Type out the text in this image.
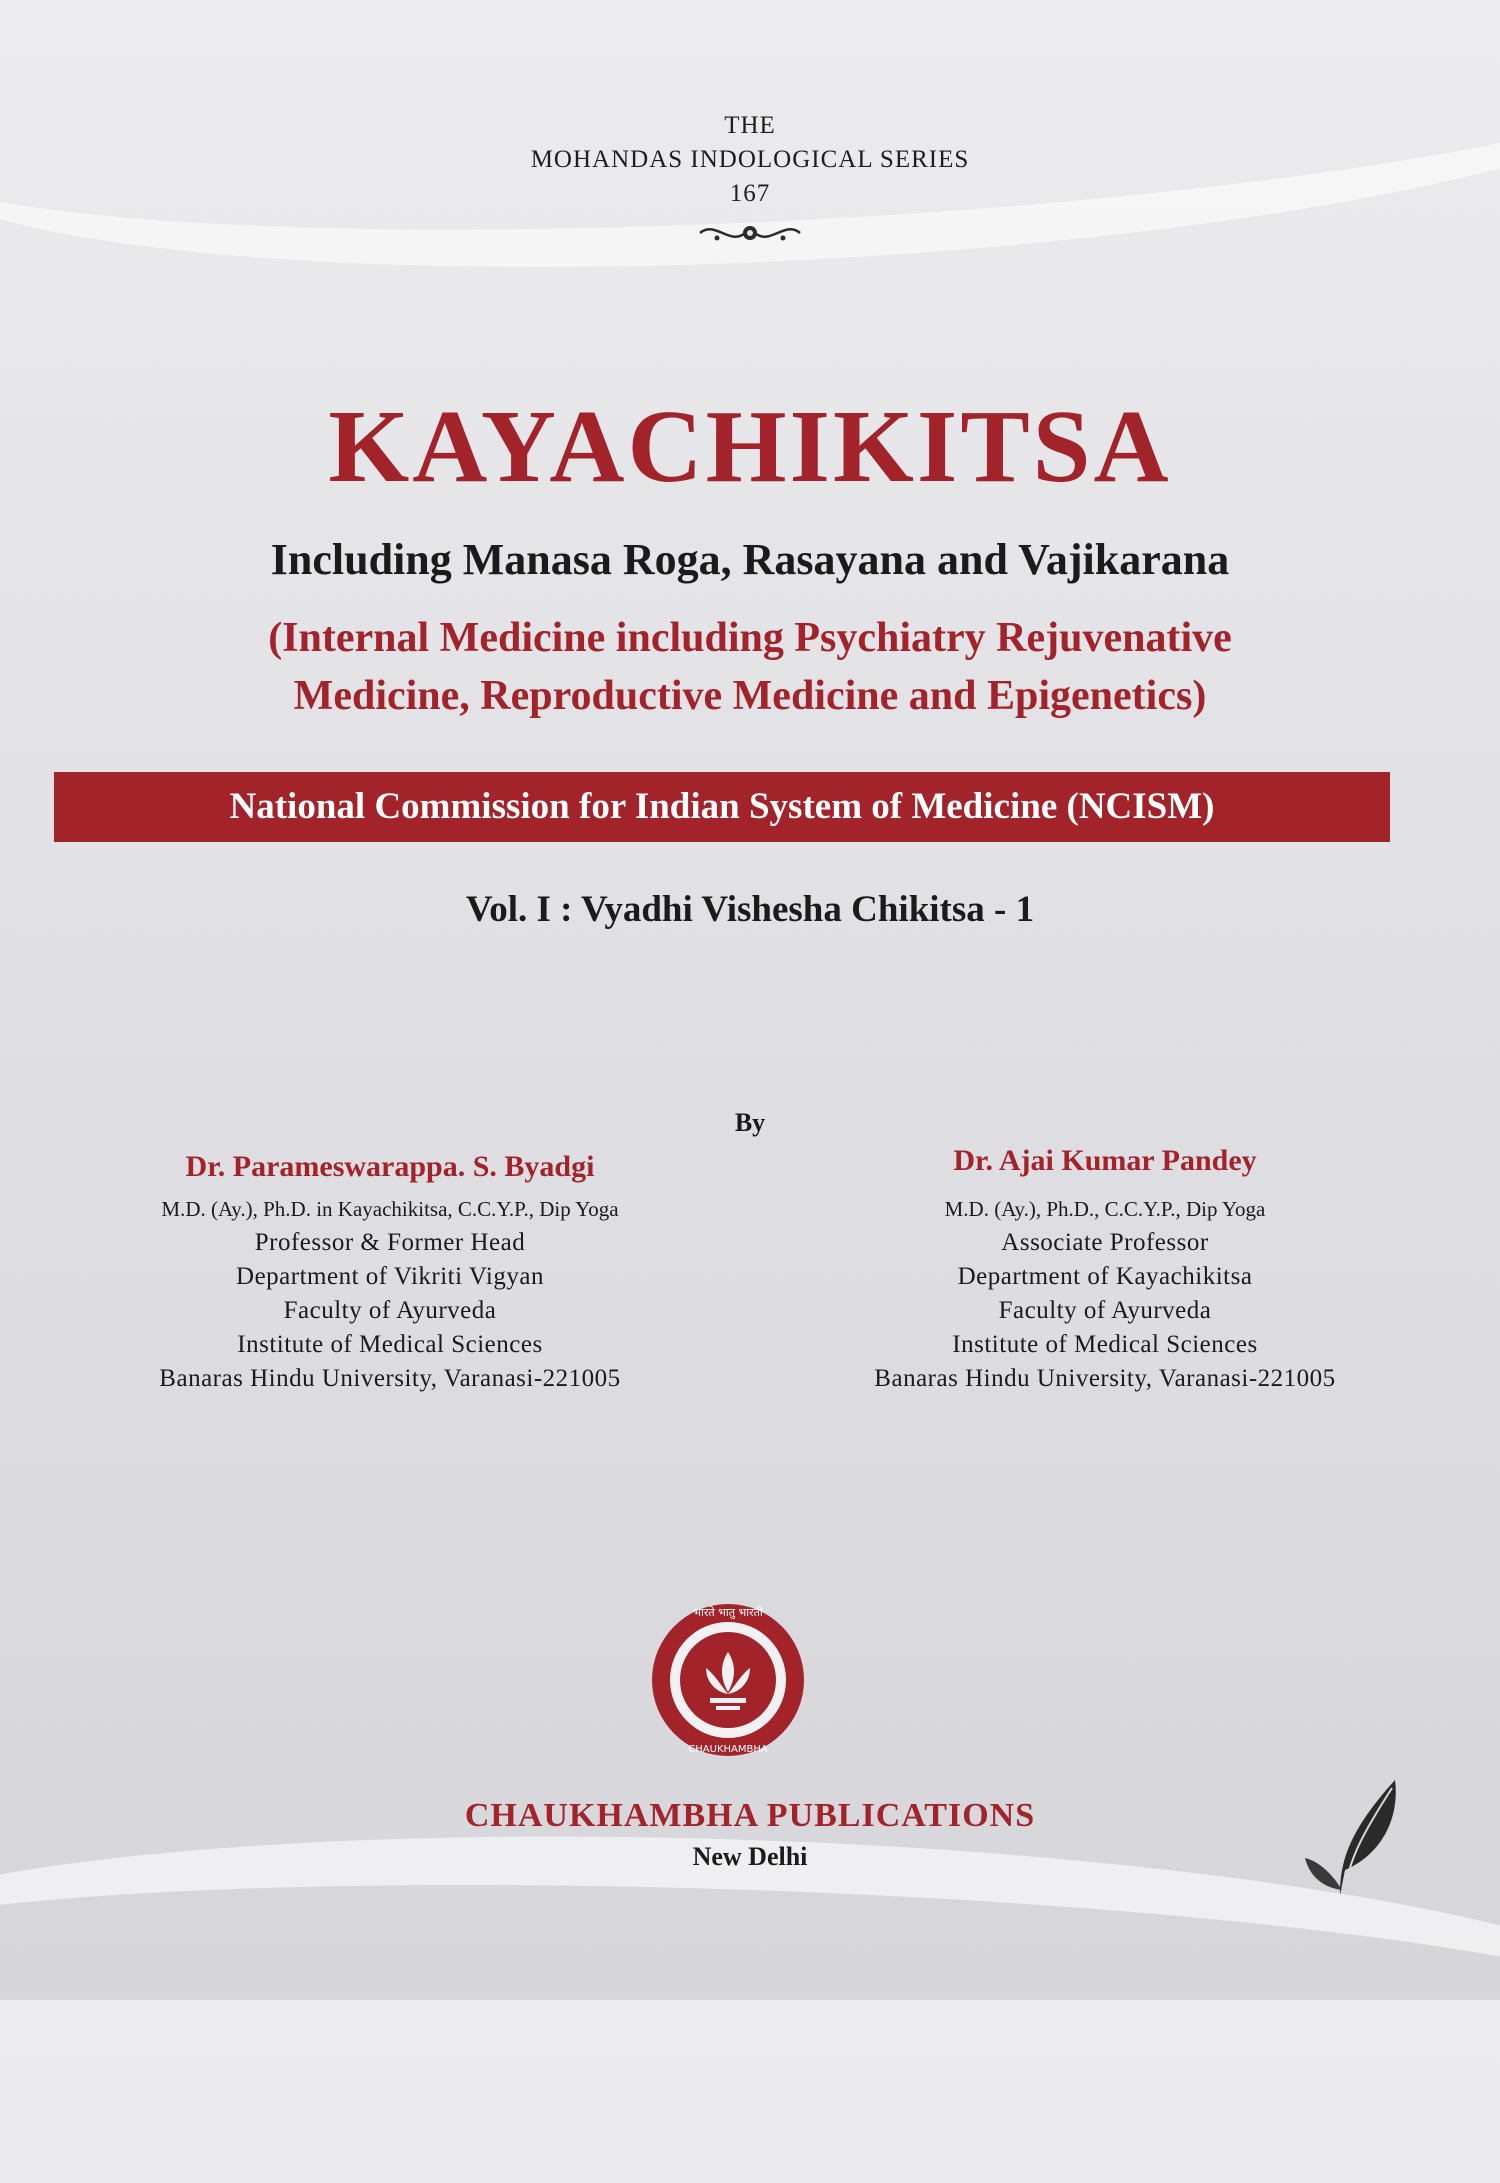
THE
MOHANDAS INDOLOGICAL SERIES
167
KAYACHIKITSA
Including Manasa Roga, Rasayana and Vajikarana
(Internal Medicine including Psychiatry Rejuvenative
Medicine, Reproductive Medicine and Epigenetics)
National Commission for Indian System of Medicine (NCISM)
Vol. I : Vyadhi Vishesha Chikitsa - 1
By
Dr. Parameswarappa. S. Byadgi
M.D. (Ay.), Ph.D. in Kayachikitsa, C.C.Y.P., Dip Yoga
Professor & Former Head
Department of Vikriti Vigyan
Faculty of Ayurveda
Institute of Medical Sciences
Banaras Hindu University, Varanasi-221005
Dr. Ajai Kumar Pandey
M.D. (Ay.), Ph.D., C.C.Y.P., Dip Yoga
Associate Professor
Department of Kayachikitsa
Faculty of Ayurveda
Institute of Medical Sciences
Banaras Hindu University, Varanasi-221005
भारते भातु भारती
CHAUKHAMBHA
CHAUKHAMBHA PUBLICATIONS
New Delhi
